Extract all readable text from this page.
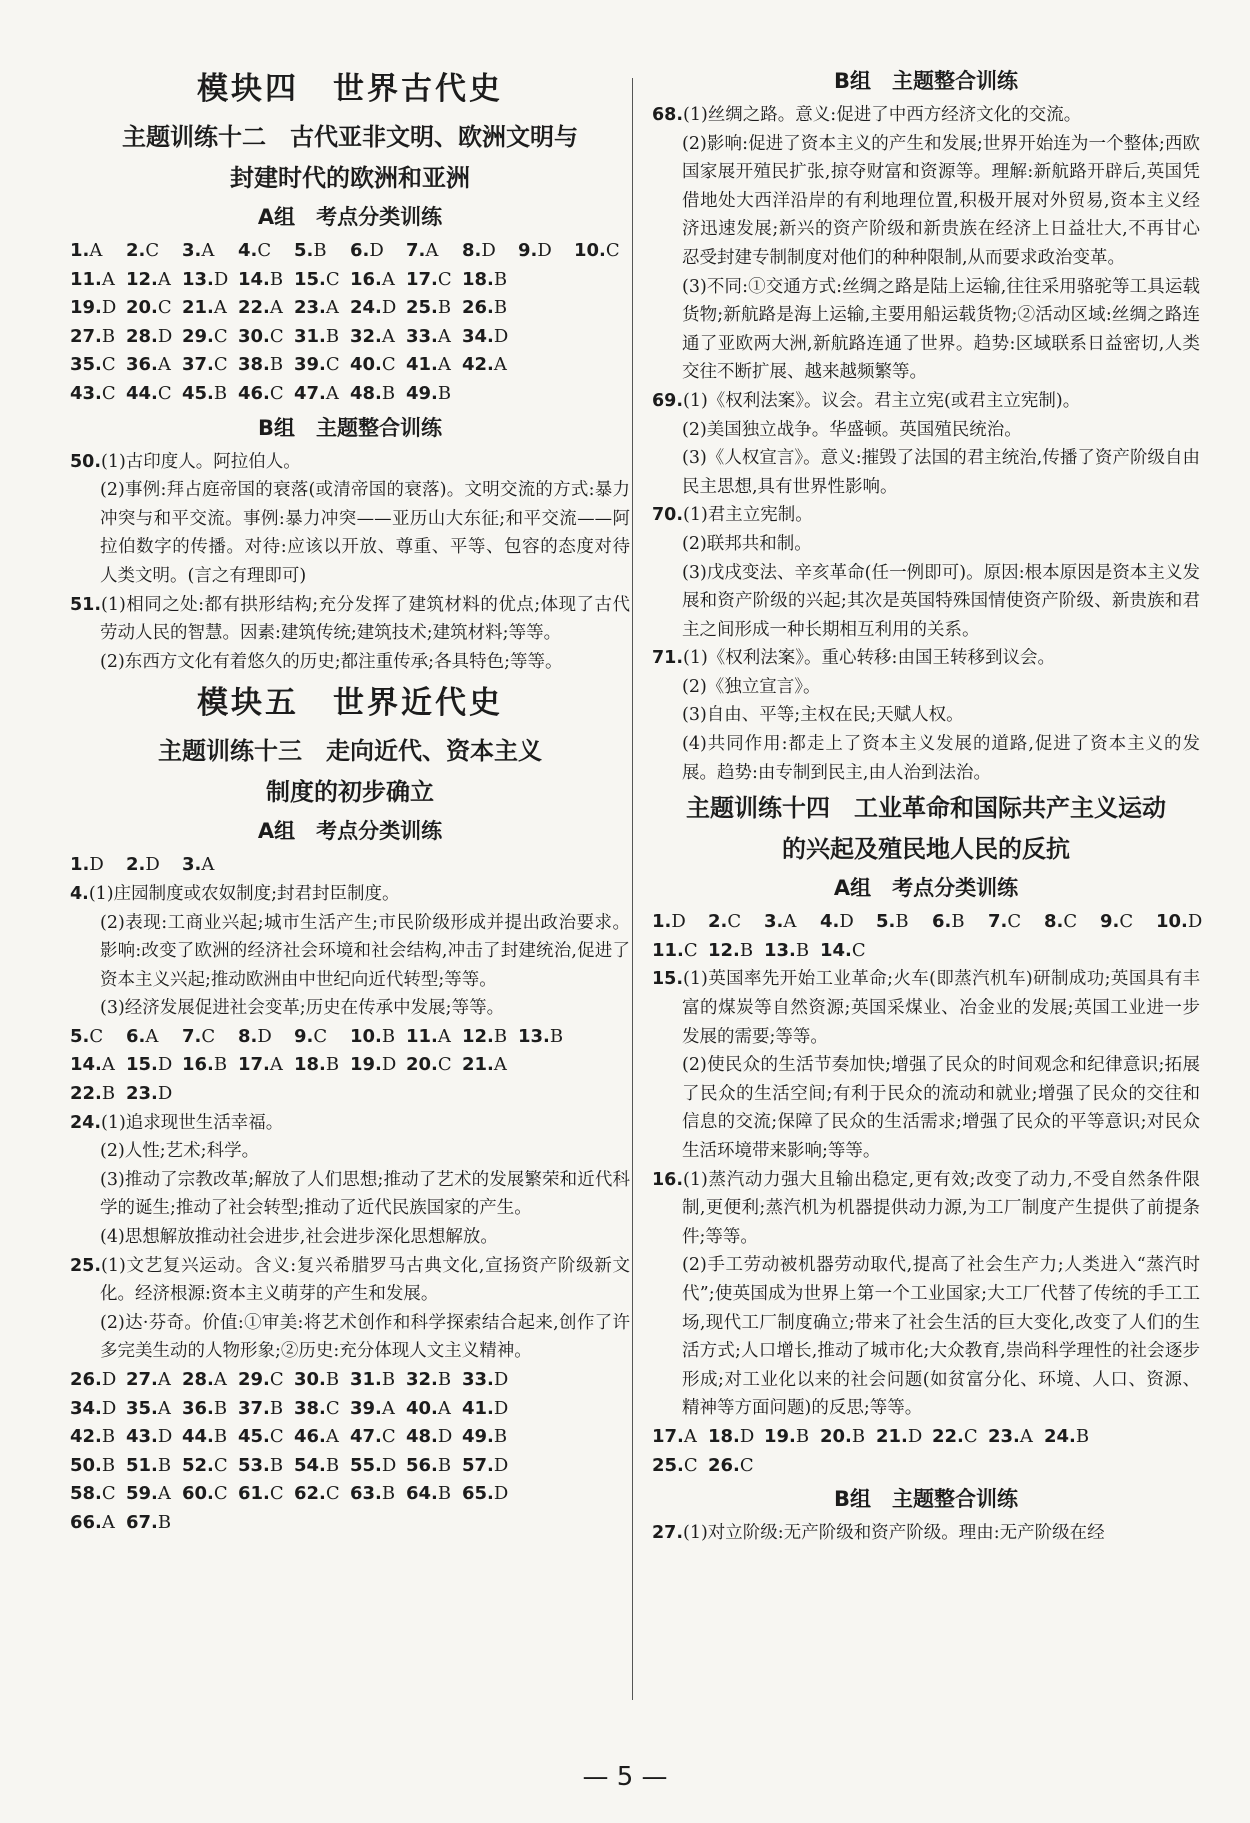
模块四　世界古代史
主题训练十二　古代亚非文明、欧洲文明与
封建时代的欧洲和亚洲
A组　考点分类训练
1.A 2.C 3.A 4.C 5.B 6.D 7.A 8.D 9.D 10.C
11.A 12.A 13.D 14.B 15.C 16.A 17.C 18.B
19.D 20.C 21.A 22.A 23.A 24.D 25.B 26.B
27.B 28.D 29.C 30.C 31.B 32.A 33.A 34.D
35.C 36.A 37.C 38.B 39.C 40.C 41.A 42.A
43.C 44.C 45.B 46.C 47.A 48.B 49.B
B组　主题整合训练
50.(1)古印度人。阿拉伯人。
(2)事例:拜占庭帝国的衰落(或清帝国的衰落)。文明交流的方式:暴力冲突与和平交流。事例:暴力冲突——亚历山大东征;和平交流——阿拉伯数字的传播。对待:应该以开放、尊重、平等、包容的态度对待人类文明。(言之有理即可)
51.(1)相同之处:都有拱形结构;充分发挥了建筑材料的优点;体现了古代劳动人民的智慧。因素:建筑传统;建筑技术;建筑材料;等等。
(2)东西方文化有着悠久的历史;都注重传承;各具特色;等等。
模块五　世界近代史
主题训练十三　走向近代、资本主义
制度的初步确立
A组　考点分类训练
1.D 2.D 3.A
4.(1)庄园制度或农奴制度;封君封臣制度。
(2)表现:工商业兴起;城市生活产生;市民阶级形成并提出政治要求。影响:改变了欧洲的经济社会环境和社会结构,冲击了封建统治,促进了资本主义兴起;推动欧洲由中世纪向近代转型;等等。
(3)经济发展促进社会变革;历史在传承中发展;等等。
5.C 6.A 7.C 8.D 9.C 10.B 11.A 12.B 13.B
14.A 15.D 16.B 17.A 18.B 19.D 20.C 21.A
22.B 23.D
24.(1)追求现世生活幸福。
(2)人性;艺术;科学。
(3)推动了宗教改革;解放了人们思想;推动了艺术的发展繁荣和近代科学的诞生;推动了社会转型;推动了近代民族国家的产生。
(4)思想解放推动社会进步,社会进步深化思想解放。
25.(1)文艺复兴运动。含义:复兴希腊罗马古典文化,宣扬资产阶级新文化。经济根源:资本主义萌芽的产生和发展。
(2)达·芬奇。价值:①审美:将艺术创作和科学探索结合起来,创作了许多完美生动的人物形象;②历史:充分体现人文主义精神。
26.D 27.A 28.A 29.C 30.B 31.B 32.B 33.D
34.D 35.A 36.B 37.B 38.C 39.A 40.A 41.D
42.B 43.D 44.B 45.C 46.A 47.C 48.D 49.B
50.B 51.B 52.C 53.B 54.B 55.D 56.B 57.D
58.C 59.A 60.C 61.C 62.C 63.B 64.B 65.D
66.A 67.B
B组　主题整合训练
68.(1)丝绸之路。意义:促进了中西方经济文化的交流。
(2)影响:促进了资本主义的产生和发展;世界开始连为一个整体;西欧国家展开殖民扩张,掠夺财富和资源等。理解:新航路开辟后,英国凭借地处大西洋沿岸的有利地理位置,积极开展对外贸易,资本主义经济迅速发展;新兴的资产阶级和新贵族在经济上日益壮大,不再甘心忍受封建专制制度对他们的种种限制,从而要求政治变革。
(3)不同:①交通方式:丝绸之路是陆上运输,往往采用骆驼等工具运载货物;新航路是海上运输,主要用船运载货物;②活动区域:丝绸之路连通了亚欧两大洲,新航路连通了世界。趋势:区域联系日益密切,人类交往不断扩展、越来越频繁等。
69.(1)《权利法案》。议会。君主立宪(或君主立宪制)。
(2)美国独立战争。华盛顿。英国殖民统治。
(3)《人权宣言》。意义:摧毁了法国的君主统治,传播了资产阶级自由民主思想,具有世界性影响。
70.(1)君主立宪制。
(2)联邦共和制。
(3)戊戌变法、辛亥革命(任一例即可)。原因:根本原因是资本主义发展和资产阶级的兴起;其次是英国特殊国情使资产阶级、新贵族和君主之间形成一种长期相互利用的关系。
71.(1)《权利法案》。重心转移:由国王转移到议会。
(2)《独立宣言》。
(3)自由、平等;主权在民;天赋人权。
(4)共同作用:都走上了资本主义发展的道路,促进了资本主义的发展。趋势:由专制到民主,由人治到法治。
主题训练十四　工业革命和国际共产主义运动
的兴起及殖民地人民的反抗
A组　考点分类训练
1.D 2.C 3.A 4.D 5.B 6.B 7.C 8.C 9.C 10.D
11.C 12.B 13.B 14.C
15.(1)英国率先开始工业革命;火车(即蒸汽机车)研制成功;英国具有丰富的煤炭等自然资源;英国采煤业、冶金业的发展;英国工业进一步发展的需要;等等。
(2)使民众的生活节奏加快;增强了民众的时间观念和纪律意识;拓展了民众的生活空间;有利于民众的流动和就业;增强了民众的交往和信息的交流;保障了民众的生活需求;增强了民众的平等意识;对民众生活环境带来影响;等等。
16.(1)蒸汽动力强大且输出稳定,更有效;改变了动力,不受自然条件限制,更便利;蒸汽机为机器提供动力源,为工厂制度产生提供了前提条件;等等。
(2)手工劳动被机器劳动取代,提高了社会生产力;人类进入“蒸汽时代”;使英国成为世界上第一个工业国家;大工厂代替了传统的手工工场,现代工厂制度确立;带来了社会生活的巨大变化,改变了人们的生活方式;人口增长,推动了城市化;大众教育,崇尚科学理性的社会逐步形成;对工业化以来的社会问题(如贫富分化、环境、人口、资源、精神等方面问题)的反思;等等。
17.A 18.D 19.B 20.B 21.D 22.C 23.A 24.B
25.C 26.C
B组　主题整合训练
27.(1)对立阶级:无产阶级和资产阶级。理由:无产阶级在经
— 5 —
